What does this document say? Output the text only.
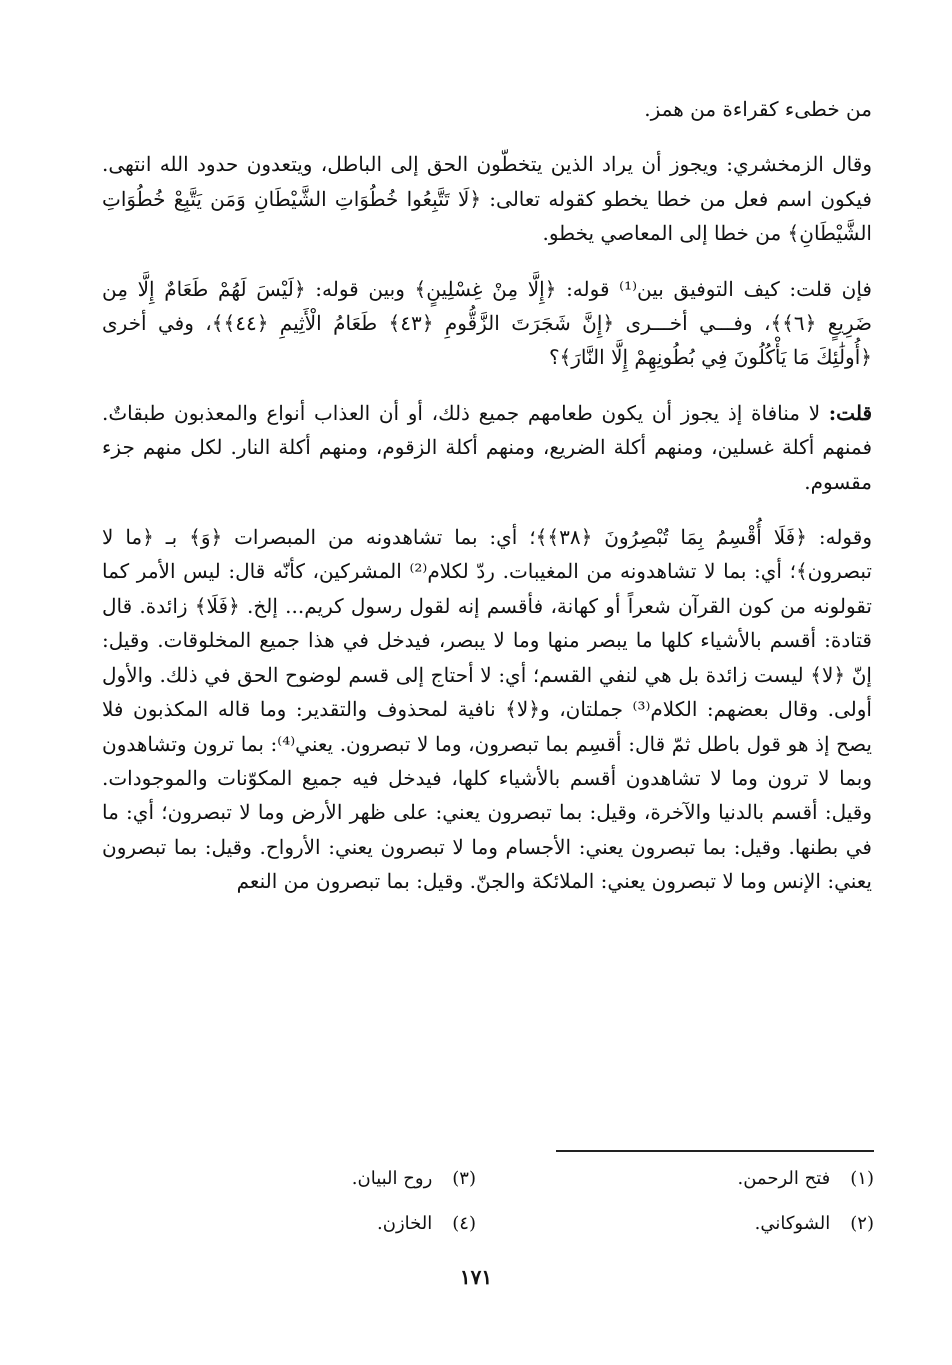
من خطىء كقراءة من همز.

وقال الزمخشري: ويجوز أن يراد الذين يتخطّون الحق إلى الباطل، ويتعدون حدود الله انتهى. فيكون اسم فعل من خطا يخطو كقوله تعالى: ﴿لَا تَتَّبِعُوا خُطُوَاتِ الشَّيْطَانِ وَمَن يَتَّبِعْ خُطُوَاتِ الشَّيْطَانِ﴾ من خطا إلى المعاصي يخطو.

فإن قلت: كيف التوفيق بين⁽¹⁾ قوله: ﴿إِلَّا مِنْ غِسْلِينٍ﴾ وبين قوله: ﴿لَيْسَ لَهُمْ طَعَامٌ إِلَّا مِن ضَرِيعٍ ﴿٦﴾﴾، وفـــي أخـــرى ﴿إِنَّ شَجَرَتَ الزَّقُّومِ ﴿٤٣﴾ طَعَامُ الْأَثِيمِ ﴿٤٤﴾﴾، وفي أخرى ﴿أُولَٰئِكَ مَا يَأْكُلُونَ فِي بُطُونِهِمْ إِلَّا النَّارَ﴾؟

قلت: لا منافاة إذ يجوز أن يكون طعامهم جميع ذلك، أو أن العذاب أنواع والمعذبون طبقاتٌ. فمنهم أكلة غسلين، ومنهم أكلة الضريع، ومنهم أكلة الزقوم، ومنهم أكلة النار. لكل منهم جزء مقسوم.

وقوله: ﴿فَلَا أُقْسِمُ بِمَا تُبْصِرُونَ ﴿٣٨﴾﴾؛ أي: بما تشاهدونه من المبصرات ﴿وَ﴾ بـ ﴿ما لا تبصرون﴾؛ أي: بما لا تشاهدونه من المغيبات. ردّ لكلام⁽²⁾ المشركين، كأنّه قال: ليس الأمر كما تقولونه من كون القرآن شعراً أو كهانة، فأقسم إنه لقول رسول كريم... إلخ. ﴿فَلَا﴾ زائدة. قال قتادة: أقسم بالأشياء كلها ما يبصر منها وما لا يبصر، فيدخل في هذا جميع المخلوقات. وقيل: إنّ ﴿لا﴾ ليست زائدة بل هي لنفي القسم؛ أي: لا أحتاج إلى قسم لوضوح الحق في ذلك. والأول أولى. وقال بعضهم: الكلام⁽³⁾ جملتان، و﴿لا﴾ نافية لمحذوف والتقدير: وما قاله المكذبون فلا يصح إذ هو قول باطل ثمّ قال: أقسِم بما تبصرون، وما لا تبصرون. يعني⁽⁴⁾: بما ترون وتشاهدون وبما لا ترون وما لا تشاهدون أقسم بالأشياء كلها، فيدخل فيه جميع المكوّنات والموجودات. وقيل: أقسم بالدنيا والآخرة، وقيل: بما تبصرون يعني: على ظهر الأرض وما لا تبصرون؛ أي: ما في بطنها. وقيل: بما تبصرون يعني: الأجسام وما لا تبصرون يعني: الأرواح. وقيل: بما تبصرون يعني: الإنس وما لا تبصرون يعني: الملائكة والجنّ. وقيل: بما تبصرون من النعم

(١)فتح الرحمن.
(٢)الشوكاني.
(٣)روح البيان.
(٤)الخازن.
١٧١
